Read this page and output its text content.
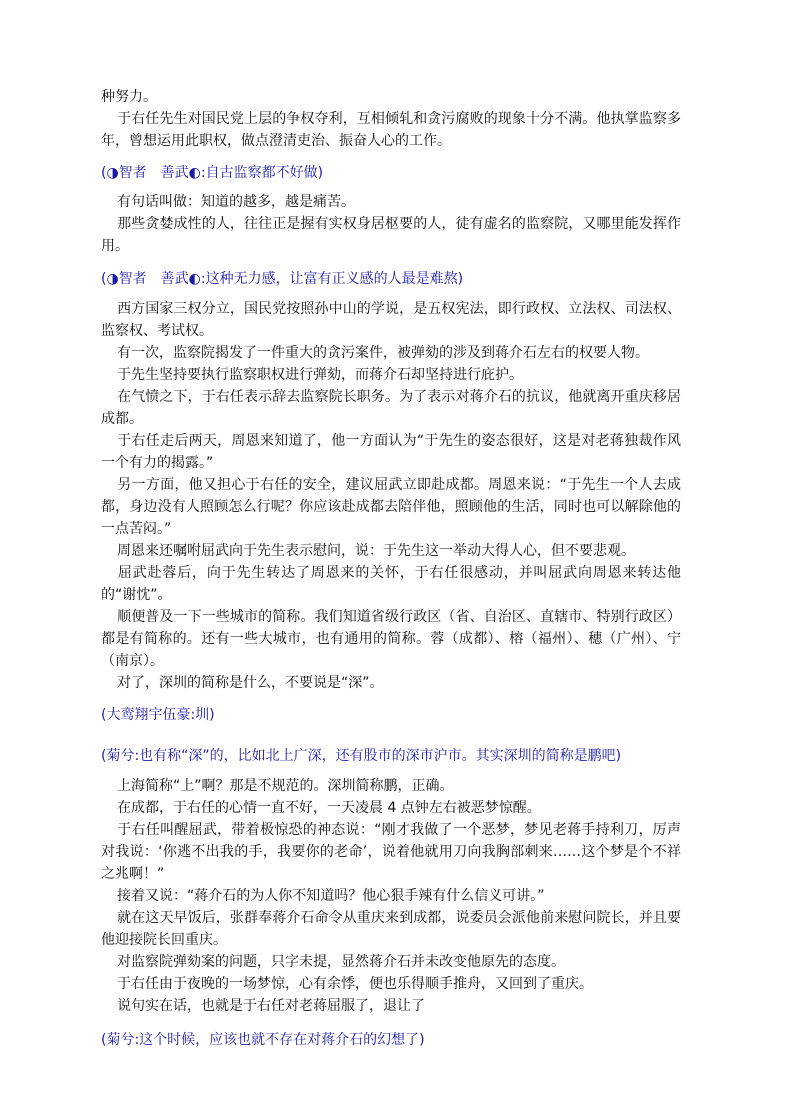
种努力。

于右任先生对国民党上层的争权夺利，互相倾轧和贪污腐败的现象十分不满。他执掌监察多年，曾想运用此职权，做点澄清吏治、振奋人心的工作。

(◑智者　善武◐:自古监察都不好做)

有句话叫做：知道的越多，越是痛苦。

那些贪婪成性的人，往往正是握有实权身居枢要的人，徒有虚名的监察院，又哪里能发挥作用。

(◑智者　善武◐:这种无力感，让富有正义感的人最是难熬)

西方国家三权分立，国民党按照孙中山的学说，是五权宪法，即行政权、立法权、司法权、监察权、考试权。

有一次，监察院揭发了一件重大的贪污案件，被弹劾的涉及到蒋介石左右的权要人物。

于先生坚持要执行监察职权进行弹劾，而蒋介石却坚持进行庇护。

在气愤之下，于右任表示辞去监察院长职务。为了表示对蒋介石的抗议，他就离开重庆移居成都。

于右任走后两天，周恩来知道了，他一方面认为“于先生的姿态很好，这是对老蒋独裁作风一个有力的揭露。”

另一方面，他又担心于右任的安全，建议屈武立即赴成都。周恩来说：“于先生一个人去成都，身边没有人照顾怎么行呢？你应该赴成都去陪伴他，照顾他的生活，同时也可以解除他的一点苦闷。”

周恩来还嘱咐屈武向于先生表示慰问，说：于先生这一举动大得人心，但不要悲观。

屈武赴蓉后，向于先生转达了周恩来的关怀，于右任很感动，并叫屈武向周恩来转达他的“谢忱”。

顺便普及一下一些城市的简称。我们知道省级行政区（省、自治区、直辖市、特别行政区）都是有简称的。还有一些大城市，也有通用的简称。蓉（成都）、榕（福州）、穗（广州）、宁（南京）。

对了，深圳的简称是什么，不要说是“深”。

(大鸾翔宇伍豪:圳)

(菊兮:也有称“深”的，比如北上广深，还有股市的深市沪市。其实深圳的简称是鹏吧)

上海简称“上”啊？那是不规范的。深圳简称鹏，正确。

在成都，于右任的心情一直不好，一天凌晨 4 点钟左右被恶梦惊醒。

于右任叫醒屈武，带着极惊恐的神态说：“刚才我做了一个恶梦，梦见老蒋手持利刀，厉声对我说：‘你逃不出我的手，我要你的老命’，说着他就用刀向我胸部刺来……这个梦是个不祥之兆啊！”

接着又说：“蒋介石的为人你不知道吗？他心狠手辣有什么信义可讲。”

就在这天早饭后，张群奉蒋介石命令从重庆来到成都，说委员会派他前来慰问院长，并且要他迎接院长回重庆。

对监察院弹劾案的问题，只字未提，显然蒋介石并未改变他原先的态度。

于右任由于夜晚的一场梦惊，心有余悸，便也乐得顺手推舟，又回到了重庆。

说句实在话，也就是于右任对老蒋屈服了，退让了

(菊兮:这个时候，应该也就不存在对蒋介石的幻想了)
